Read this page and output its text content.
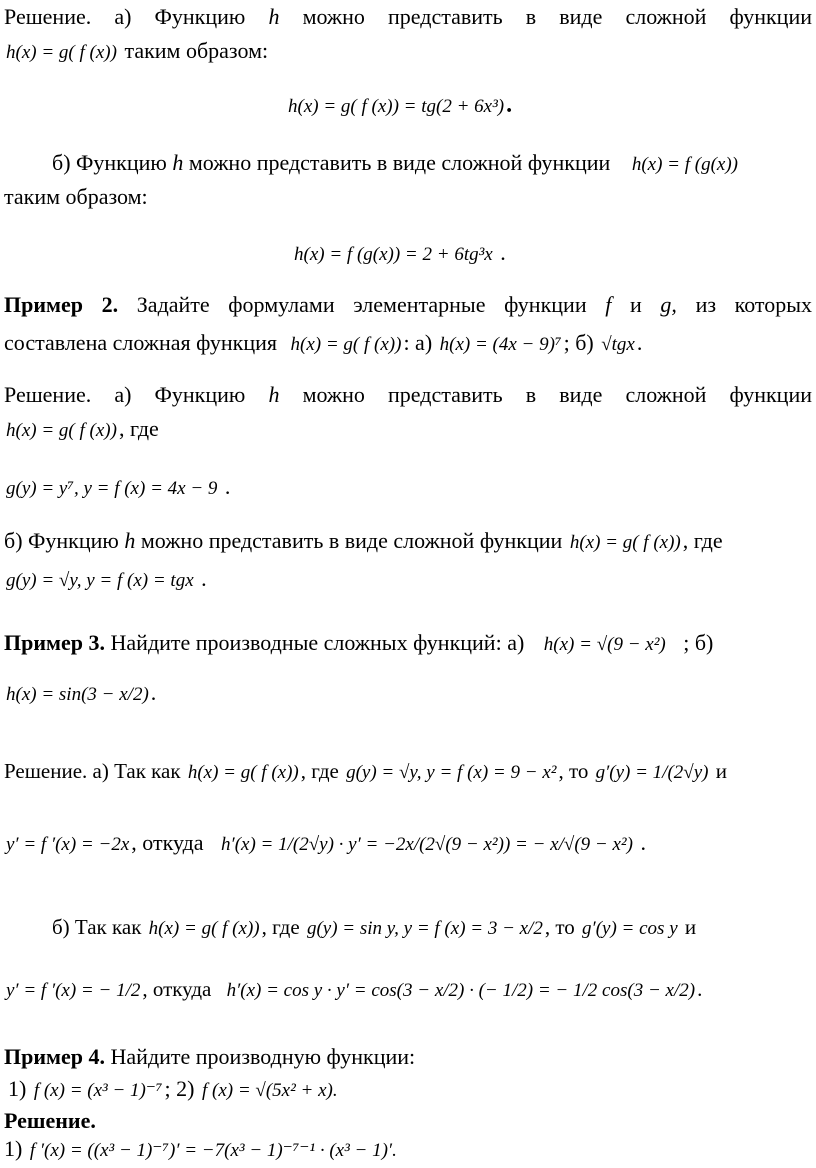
Решение. а) Функцию h можно представить в виде сложной функции
h(x) = g( f (x)) таким образом:
h(x) = g( f (x)) = tg(2 + 6x³).
б) Функцию h можно представить в виде сложной функции h(x) = f (g(x))
таким образом:
h(x) = f (g(x)) = 2 + 6tg³x .
Пример 2. Задайте формулами элементарные функции f и g, из которых
составлена сложная функция h(x) = g( f (x)): а) h(x) = (4x − 9)⁷; б) √tgx.
Решение. а) Функцию h можно представить в виде сложной функции
h(x) = g( f (x)), где
g(y) = y⁷, y = f (x) = 4x − 9 .
б) Функцию h можно представить в виде сложной функции h(x) = g( f (x)), где
g(y) = √y, y = f (x) = tgx .
Пример 3. Найдите производные сложных функций: а) h(x) = √(9 − x²) ; б)
h(x) = sin(3 − x/2).
Решение. а) Так как h(x) = g( f (x)), где g(y) = √y, y = f (x) = 9 − x², то g′(y) = 1/(2√y) и
y′ = f ′(x) = −2x, откуда h′(x) = 1/(2√y) · y′ = −2x/(2√(9 − x²)) = − x/√(9 − x²) .
б) Так как h(x) = g( f (x)), где g(y) = sin y, y = f (x) = 3 − x/2, то g′(y) = cos y и
y′ = f ′(x) = − 1/2, откуда h′(x) = cos y · y′ = cos(3 − x/2) · (− 1/2) = − 1/2 cos(3 − x/2).
Пример 4. Найдите производную функции:
1) f (x) = (x³ − 1)⁻⁷; 2) f (x) = √(5x² + x).
Решение.
1) f ′(x) = ((x³ − 1)⁻⁷)′ = −7(x³ − 1)⁻⁷⁻¹ · (x³ − 1)′.
